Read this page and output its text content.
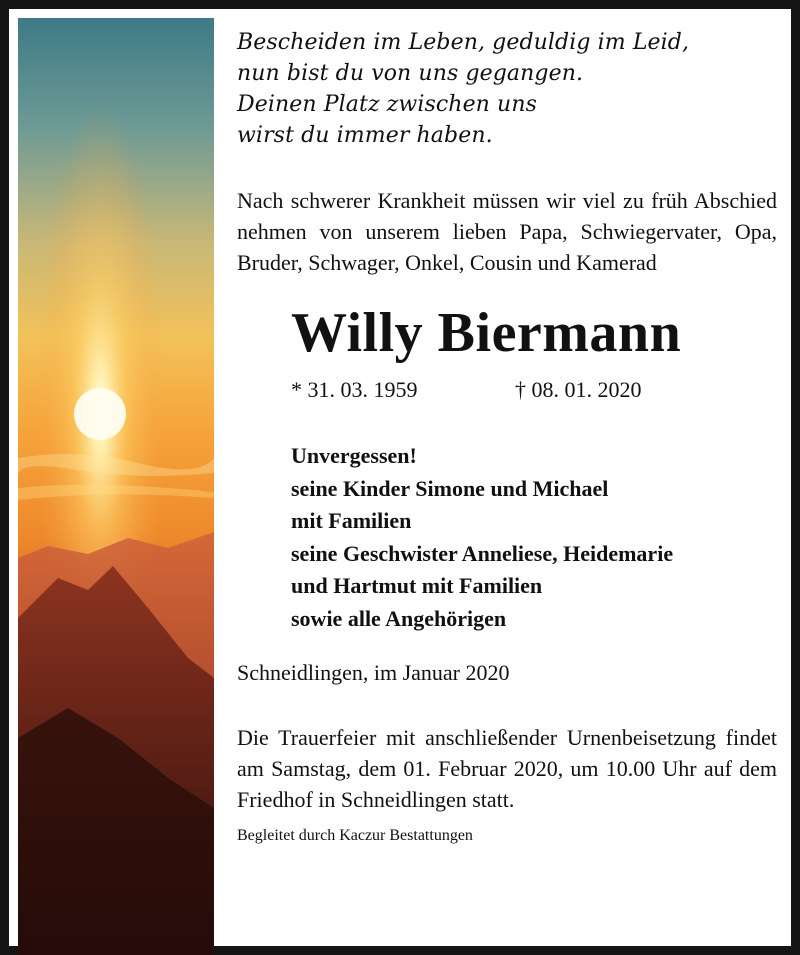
Bescheiden im Leben, geduldig im Leid,
nun bist du von uns gegangen.
Deinen Platz zwischen uns
wirst du immer haben.
Nach schwerer Krankheit müssen wir viel zu früh Abschied nehmen von unserem lieben Papa, Schwiegervater, Opa, Bruder, Schwager, Onkel, Cousin und Kamerad
Willy Biermann
* 31. 03. 1959	† 08. 01. 2020
Unvergessen!
seine Kinder Simone und Michael
mit Familien
seine Geschwister Anneliese, Heidemarie
und Hartmut mit Familien
sowie alle Angehörigen
Schneidlingen, im Januar 2020
Die Trauerfeier mit anschließender Urnenbeisetzung findet am Samstag, dem 01. Februar 2020, um 10.00 Uhr auf dem Friedhof in Schneidlingen statt.
Begleitet durch Kaczur Bestattungen
